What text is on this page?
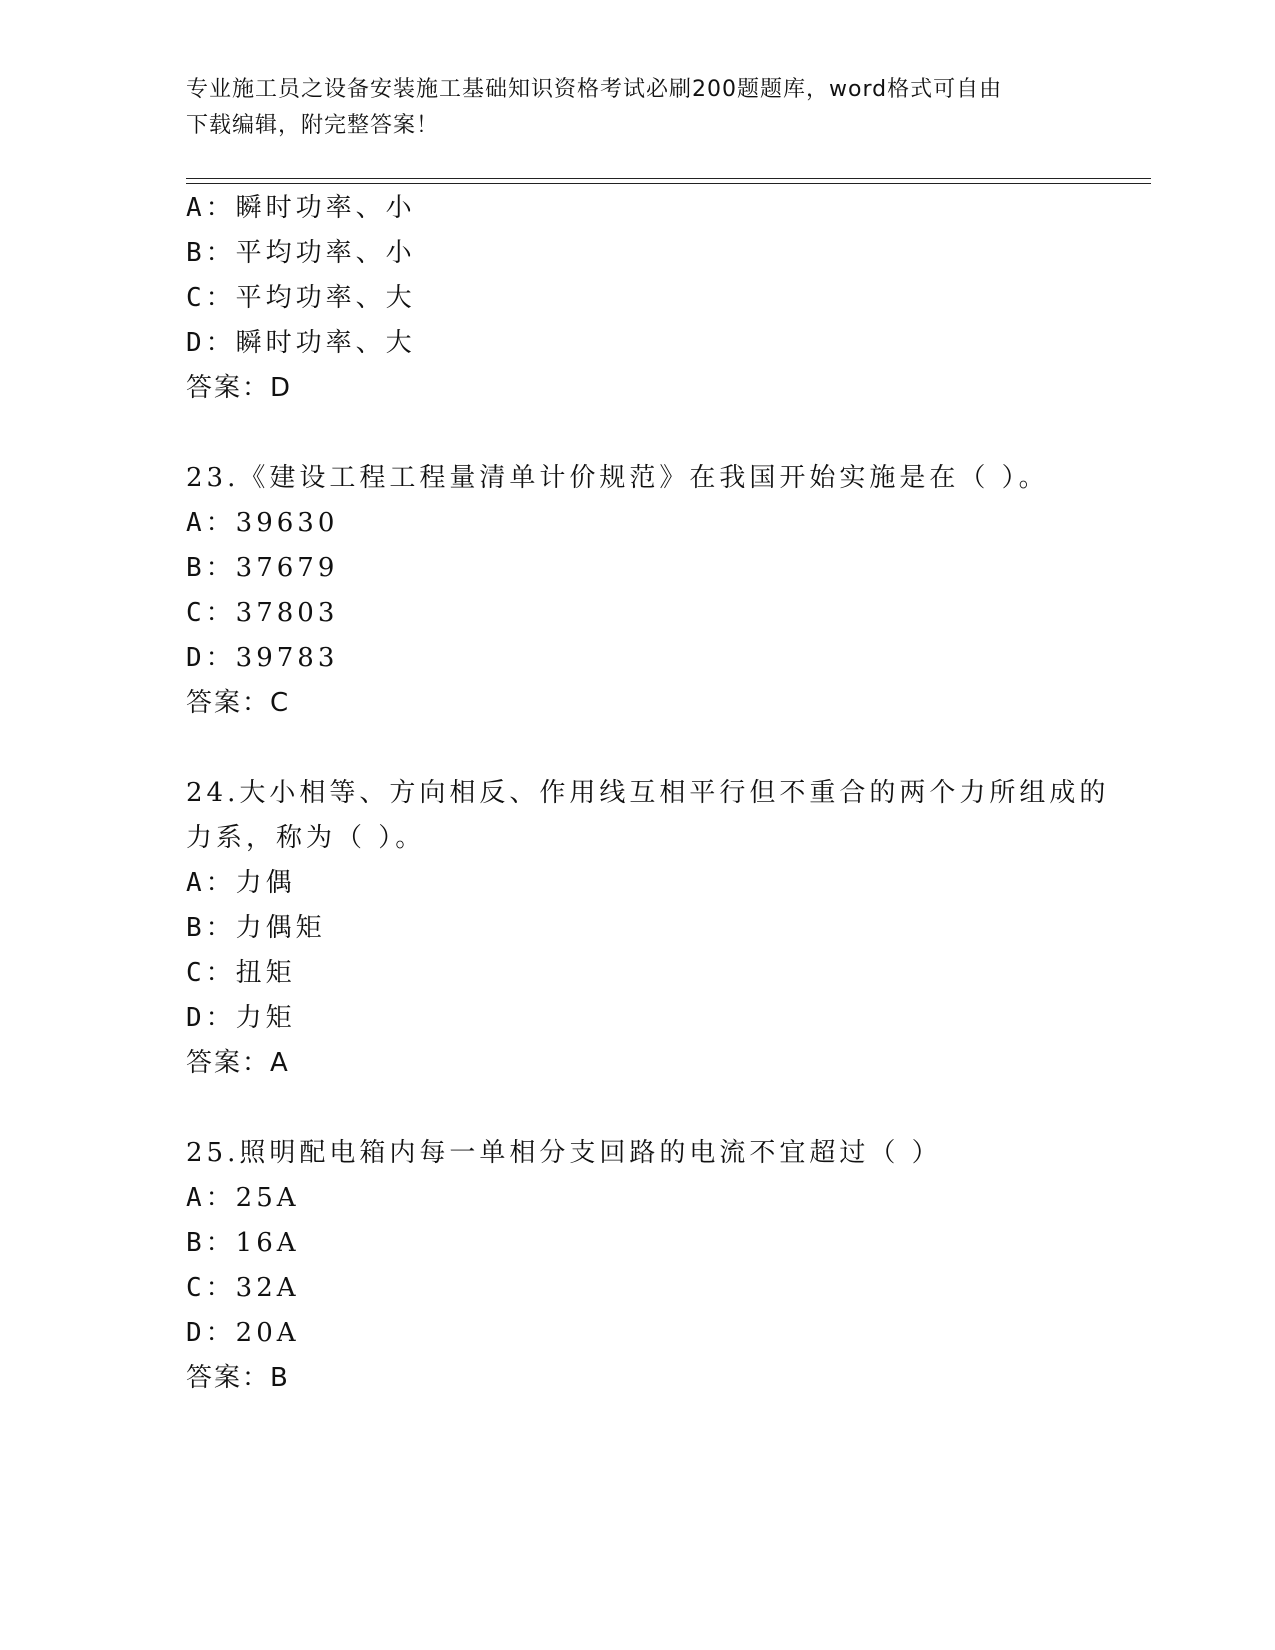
专业施工员之设备安装施工基础知识资格考试必刷200题题库，word格式可自由
下载编辑，附完整答案！
A：瞬时功率、小
B：平均功率、小
C：平均功率、大
D：瞬时功率、大
答案：D
23.《建设工程工程量清单计价规范》在我国开始实施是在（ ）。
A：39630
B：37679
C：37803
D：39783
答案：C
24.大小相等、方向相反、作用线互相平行但不重合的两个力所组成的
力系，称为（ ）。
A：力偶
B：力偶矩
C：扭矩
D：力矩
答案：A
25.照明配电箱内每一单相分支回路的电流不宜超过（ ）
A：25A
B：16A
C：32A
D：20A
答案：B
